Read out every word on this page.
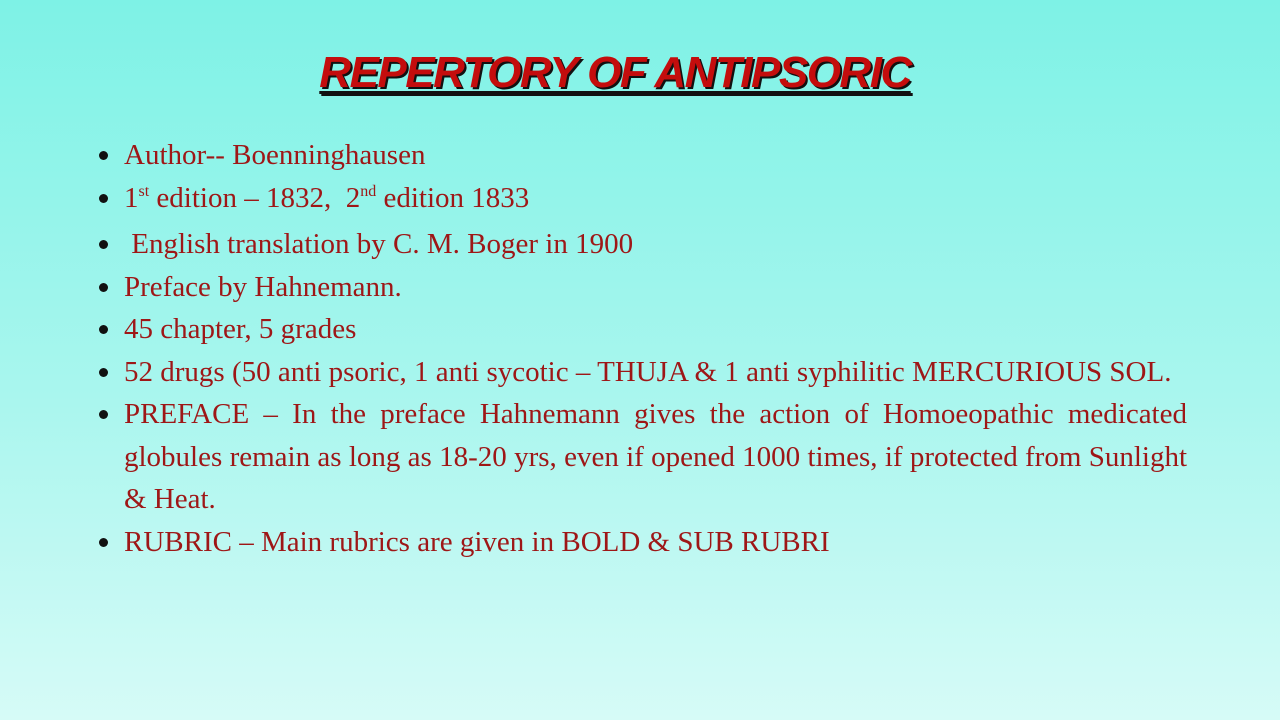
REPERTORY OF ANTIPSORIC
Author-- Boenninghausen
1st edition – 1832,  2nd edition 1833
English translation by C. M. Boger in 1900
Preface by Hahnemann.
45 chapter, 5 grades
52 drugs (50 anti psoric, 1 anti sycotic – THUJA & 1 anti syphilitic MERCURIOUS SOL.
PREFACE – In the preface Hahnemann gives the action of Homoeopathic medicated globules remain as long as 18-20 yrs, even if opened 1000 times, if protected from Sunlight & Heat.
RUBRIC – Main rubrics are given in BOLD & SUB RUBRI
